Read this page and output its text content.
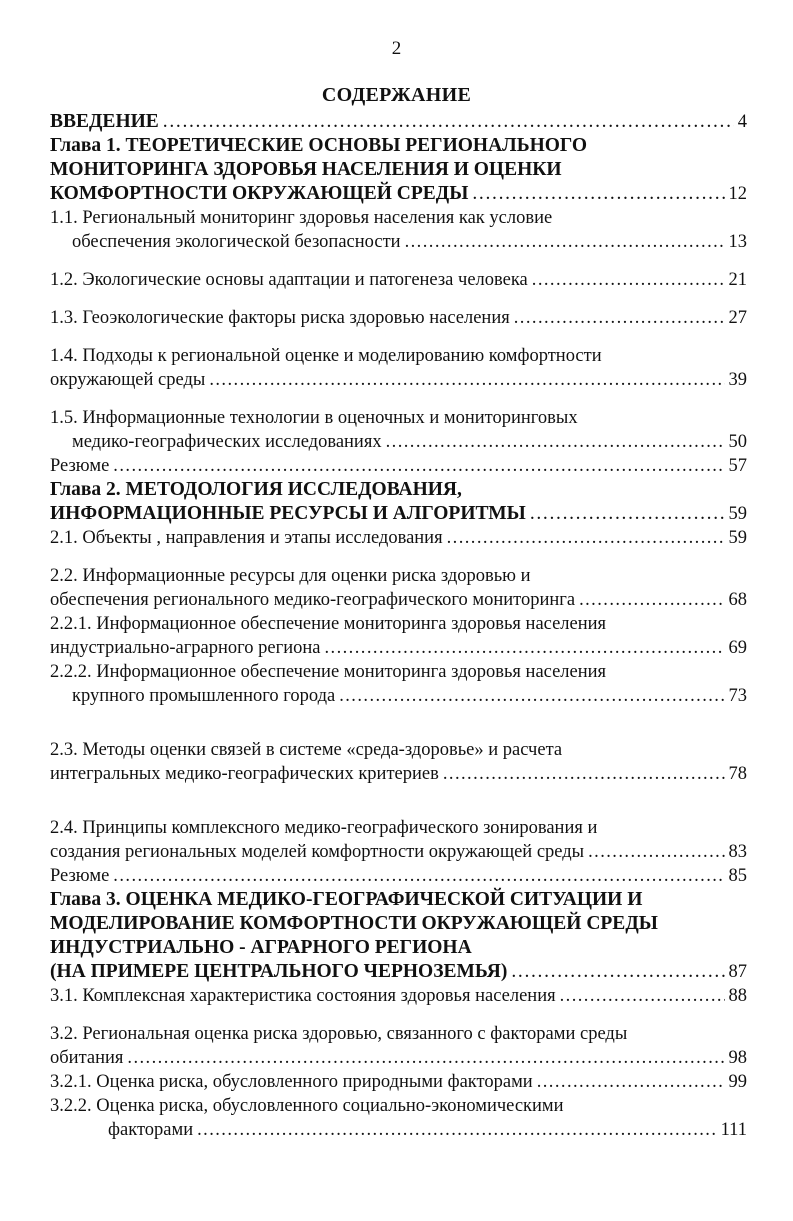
2
СОДЕРЖАНИЕ
ВВЕДЕНИЕ . . .	4
Глава 1. ТЕОРЕТИЧЕСКИЕ ОСНОВЫ РЕГИОНАЛЬНОГО
МОНИТОРИНГА ЗДОРОВЬЯ НАСЕЛЕНИЯ И ОЦЕНКИ
КОМФОРТНОСТИ ОКРУЖАЮЩЕЙ СРЕДЫ . . .	12
1.1. Региональный мониторинг здоровья населения как условие
обеспечения экологической безопасности . . .	13
1.2. Экологические основы адаптации и патогенеза человека . . .	21
1.3. Геоэкологические факторы риска здоровью населения . . .	27
1.4. Подходы к региональной оценке и моделированию комфортности
окружающей среды . . .	39
1.5. Информационные технологии в оценочных и мониторинговых
медико-географических исследованиях . . .	50
Резюме . . .	57
Глава 2. МЕТОДОЛОГИЯ ИССЛЕДОВАНИЯ,
ИНФОРМАЦИОННЫЕ РЕСУРСЫ И АЛГОРИТМЫ . . .	59
2.1. Объекты , направления и этапы исследования . . .	59
2.2. Информационные ресурсы для оценки риска здоровью и
обеспечения регионального медико-географического мониторинга . . .	68
2.2.1. Информационное обеспечение мониторинга здоровья населения
индустриально-аграрного региона . . .	69
2.2.2. Информационное обеспечение мониторинга здоровья населения
крупного промышленного города . . .	73
2.3. Методы оценки связей в системе «среда-здоровье» и расчета
интегральных медико-географических критериев . . .	78
2.4. Принципы комплексного медико-географического зонирования и
создания региональных моделей комфортности окружающей среды . . .	83
Резюме . . .	85
Глава 3. ОЦЕНКА МЕДИКО-ГЕОГРАФИЧЕСКОЙ СИТУАЦИИ И
МОДЕЛИРОВАНИЕ КОМФОРТНОСТИ ОКРУЖАЮЩЕЙ СРЕДЫ
ИНДУСТРИАЛЬНО - АГРАРНОГО РЕГИОНА
(НА ПРИМЕРЕ ЦЕНТРАЛЬНОГО ЧЕРНОЗЕМЬЯ) . . .	87
3.1. Комплексная характеристика состояния здоровья населения . . .	88
3.2. Региональная оценка риска здоровью, связанного с факторами среды
обитания . . .	98
3.2.1. Оценка риска, обусловленного природными факторами . . .	99
3.2.2. Оценка риска, обусловленного социально-экономическими
факторами . . .	111
